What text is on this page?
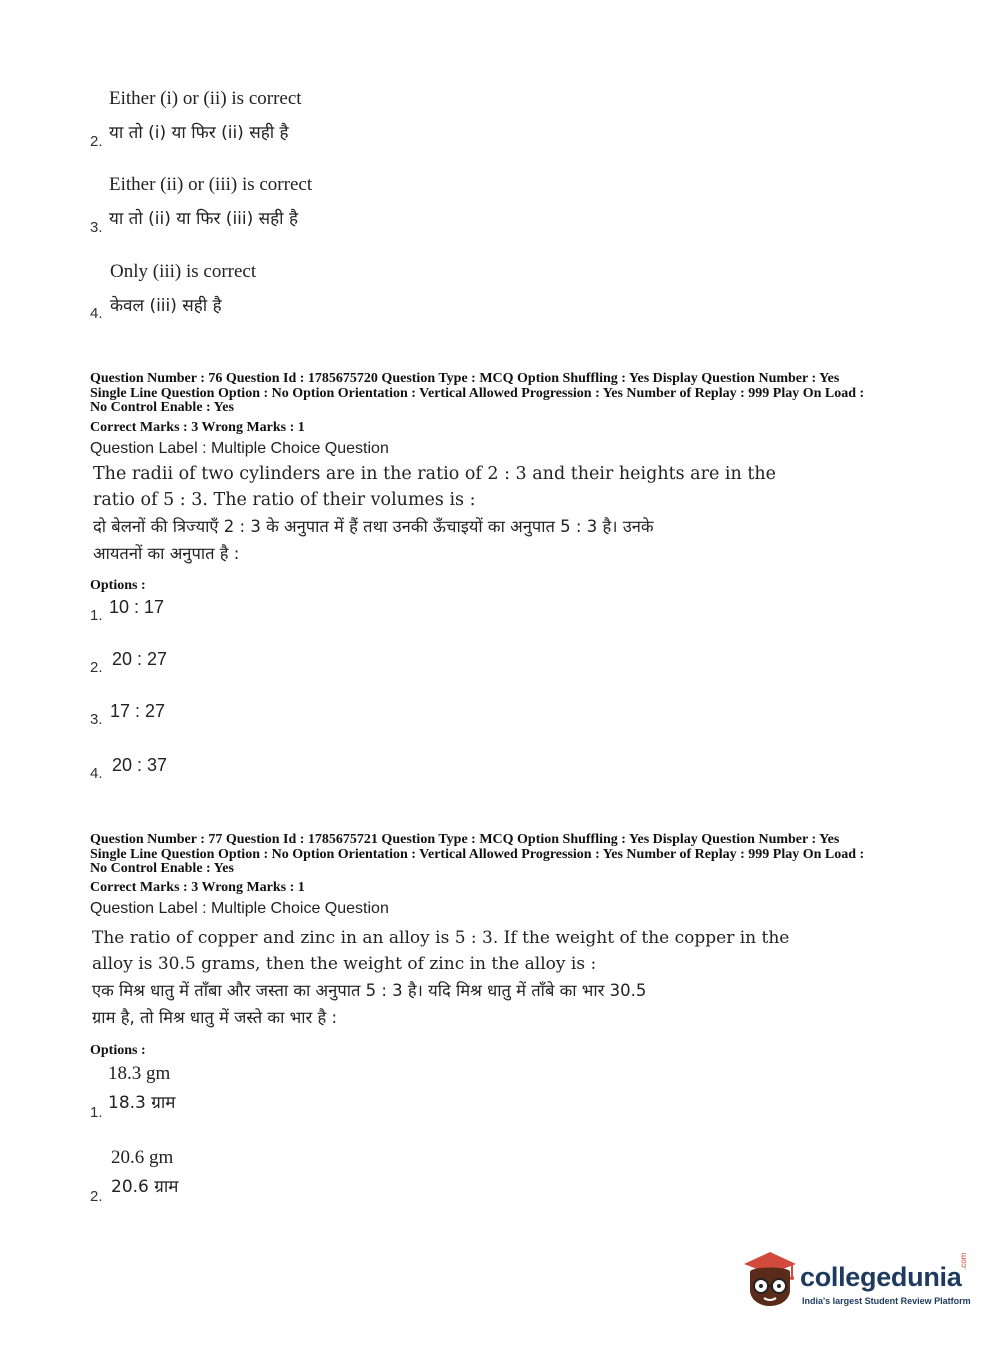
Either (i) or (ii) is correct
या तो (i) या फिर (ii) सही है
2.
Either (ii) or (iii) is correct
या तो (ii) या फिर (iii) सही है
3.
Only (iii) is correct
केवल (iii) सही है
4.
Question Number : 76 Question Id : 1785675720 Question Type : MCQ Option Shuffling : Yes Display Question Number : Yes
Single Line Question Option : No Option Orientation : Vertical Allowed Progression : Yes Number of Replay : 999 Play On Load :
No Control Enable : Yes
Correct Marks : 3 Wrong Marks : 1
Question Label : Multiple Choice Question
The radii of two cylinders are in the ratio of 2 : 3 and their heights are in the
ratio of 5 : 3. The ratio of their volumes is :
दो बेलनों की त्रिज्याएँ 2 : 3 के अनुपात में हैं तथा उनकी ऊँचाइयों का अनुपात 5 : 3 है। उनके
आयतनों का अनुपात है :
Options :
1. 10 : 17
2. 20 : 27
3. 17 : 27
4. 20 : 37
Question Number : 77 Question Id : 1785675721 Question Type : MCQ Option Shuffling : Yes Display Question Number : Yes
Single Line Question Option : No Option Orientation : Vertical Allowed Progression : Yes Number of Replay : 999 Play On Load :
No Control Enable : Yes
Correct Marks : 3 Wrong Marks : 1
Question Label : Multiple Choice Question
The ratio of copper and zinc in an alloy is 5 : 3. If the weight of the copper in the
alloy is 30.5 grams, then the weight of zinc in the alloy is :
एक मिश्र धातु में ताँबा और जस्ता का अनुपात 5 : 3 है। यदि मिश्र धातु में ताँबे का भार 30.5
ग्राम है, तो मिश्र धातु में जस्ते का भार है :
Options :
18.3 gm
18.3 ग्राम
1.
20.6 gm
20.6 ग्राम
2.
collegedunia
.com
India's largest Student Review Platform
